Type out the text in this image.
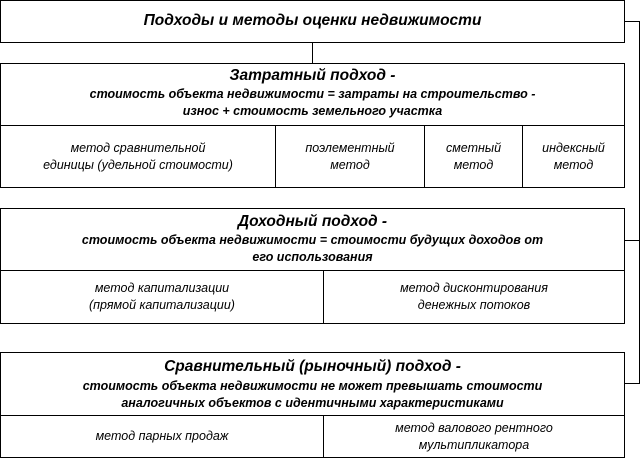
Подходы и методы оценки недвижимости
Затратный подход -
стоимость объекта недвижимости = затраты на строительство -
износ + стоимость земельного участка
метод сравнительной
единицы (удельной стоимости)
поэлементный
метод
сметный
метод
индексный
метод
Доходный подход -
стоимость объекта недвижимости = стоимости будущих доходов от
его использования
метод капитализации
(прямой капитализации)
метод дисконтирования
денежных потоков
Сравнительный (рыночный) подход -
стоимость объекта недвижимости не может превышать стоимости
аналогичных объектов с идентичными характеристиками
метод парных продаж
метод валового рентного
мультипликатора
